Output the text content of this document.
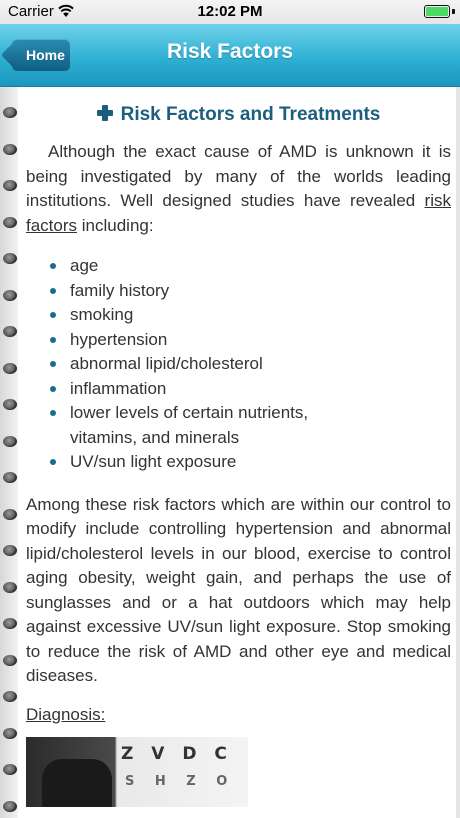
Carrier	12:02 PM
Home	Risk Factors
Risk Factors and Treatments

Although the exact cause of AMD is unknown it is being investigated by many of the worlds leading institutions. Well designed studies have revealed risk factors including:

age
family history
smoking
hypertension
abnormal lipid/cholesterol
inflammation
lower levels of certain nutrients, vitamins, and minerals
UV/sun light exposure

Among these risk factors which are within our control to modify include controlling hypertension and abnormal lipid/cholesterol levels in our blood, exercise to control aging obesity, weight gain, and perhaps the use of sunglasses and or a hat outdoors which may help against excessive UV/sun light exposure. Stop smoking to reduce the risk of AMD and other eye and medical diseases.

Diagnosis:
Z V D C
S H Z O
